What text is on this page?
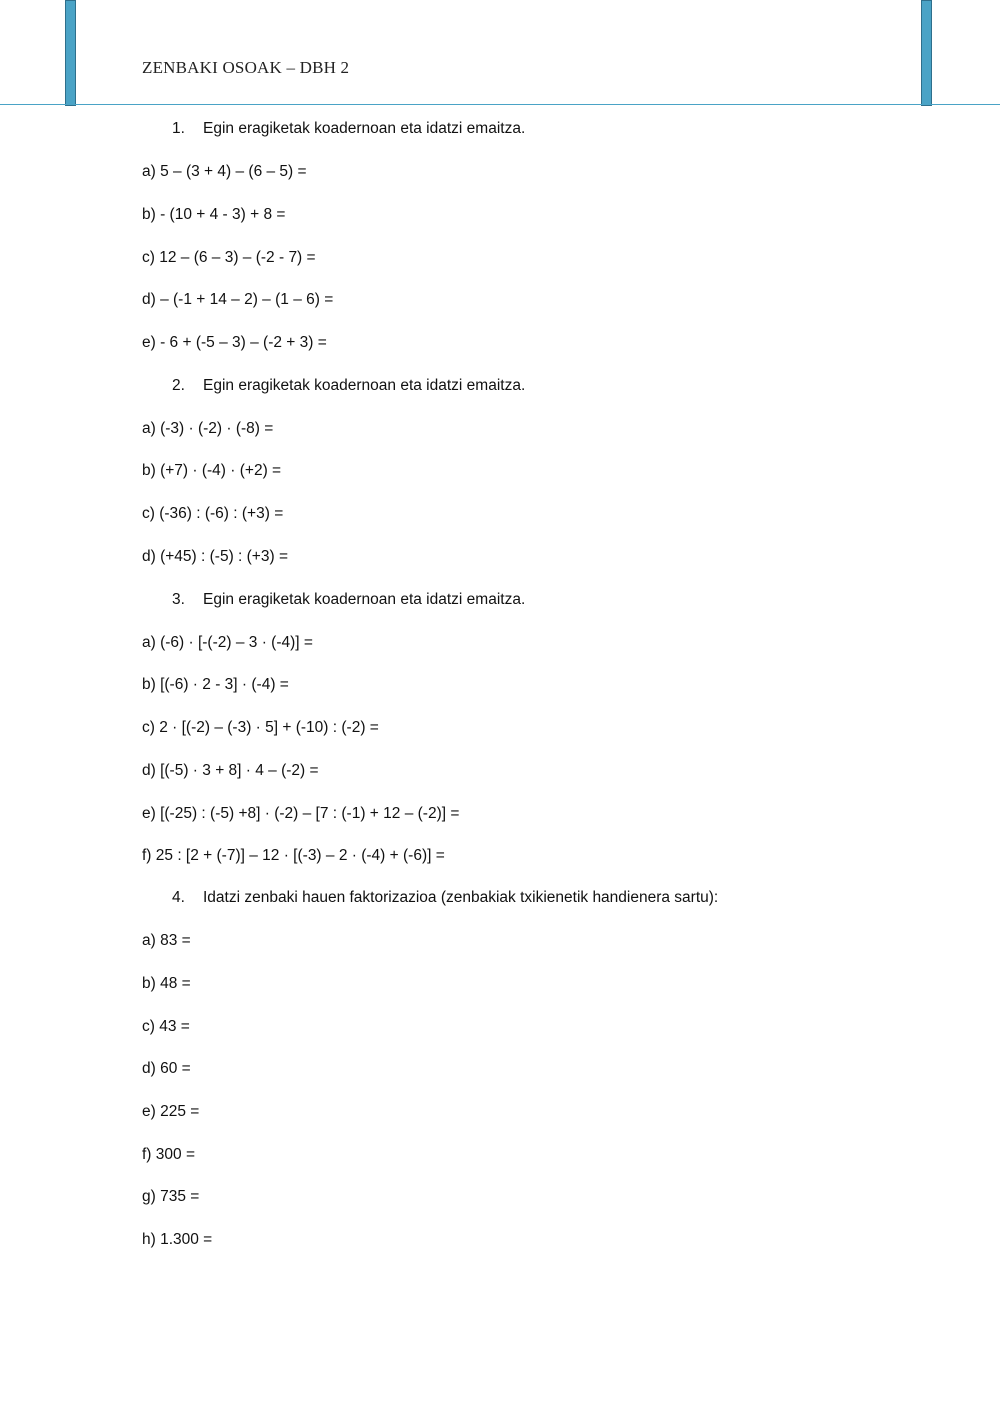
ZENBAKI OSOAK – DBH 2
1. Egin eragiketak koadernoan eta idatzi emaitza.
a) 5 – (3 + 4) – (6 – 5) =
b) - (10 + 4 - 3) + 8 =
c) 12 – (6 – 3) – (-2 - 7) =
d) – (-1 + 14 – 2) – (1 – 6) =
e) - 6 + (-5 – 3) – (-2 + 3) =
2. Egin eragiketak koadernoan eta idatzi emaitza.
a) (-3) · (-2) · (-8) =
b) (+7) · (-4) · (+2) =
c) (-36) : (-6) : (+3) =
d) (+45) : (-5) : (+3) =
3. Egin eragiketak koadernoan eta idatzi emaitza.
a) (-6) · [-(-2) – 3 · (-4)] =
b) [(-6) · 2 - 3] · (-4) =
c) 2 · [(-2) – (-3) · 5] + (-10) : (-2) =
d) [(-5) · 3 + 8] · 4 – (-2) =
e) [(-25) : (-5) +8] · (-2) – [7 : (-1) + 12 – (-2)] =
f) 25 : [2 + (-7)] – 12 · [(-3) – 2 · (-4) + (-6)] =
4. Idatzi zenbaki hauen faktorizazioa (zenbakiak txikienetik handienera sartu):
a) 83 =
b) 48 =
c) 43 =
d) 60 =
e) 225 =
f) 300 =
g) 735 =
h) 1.300 =
